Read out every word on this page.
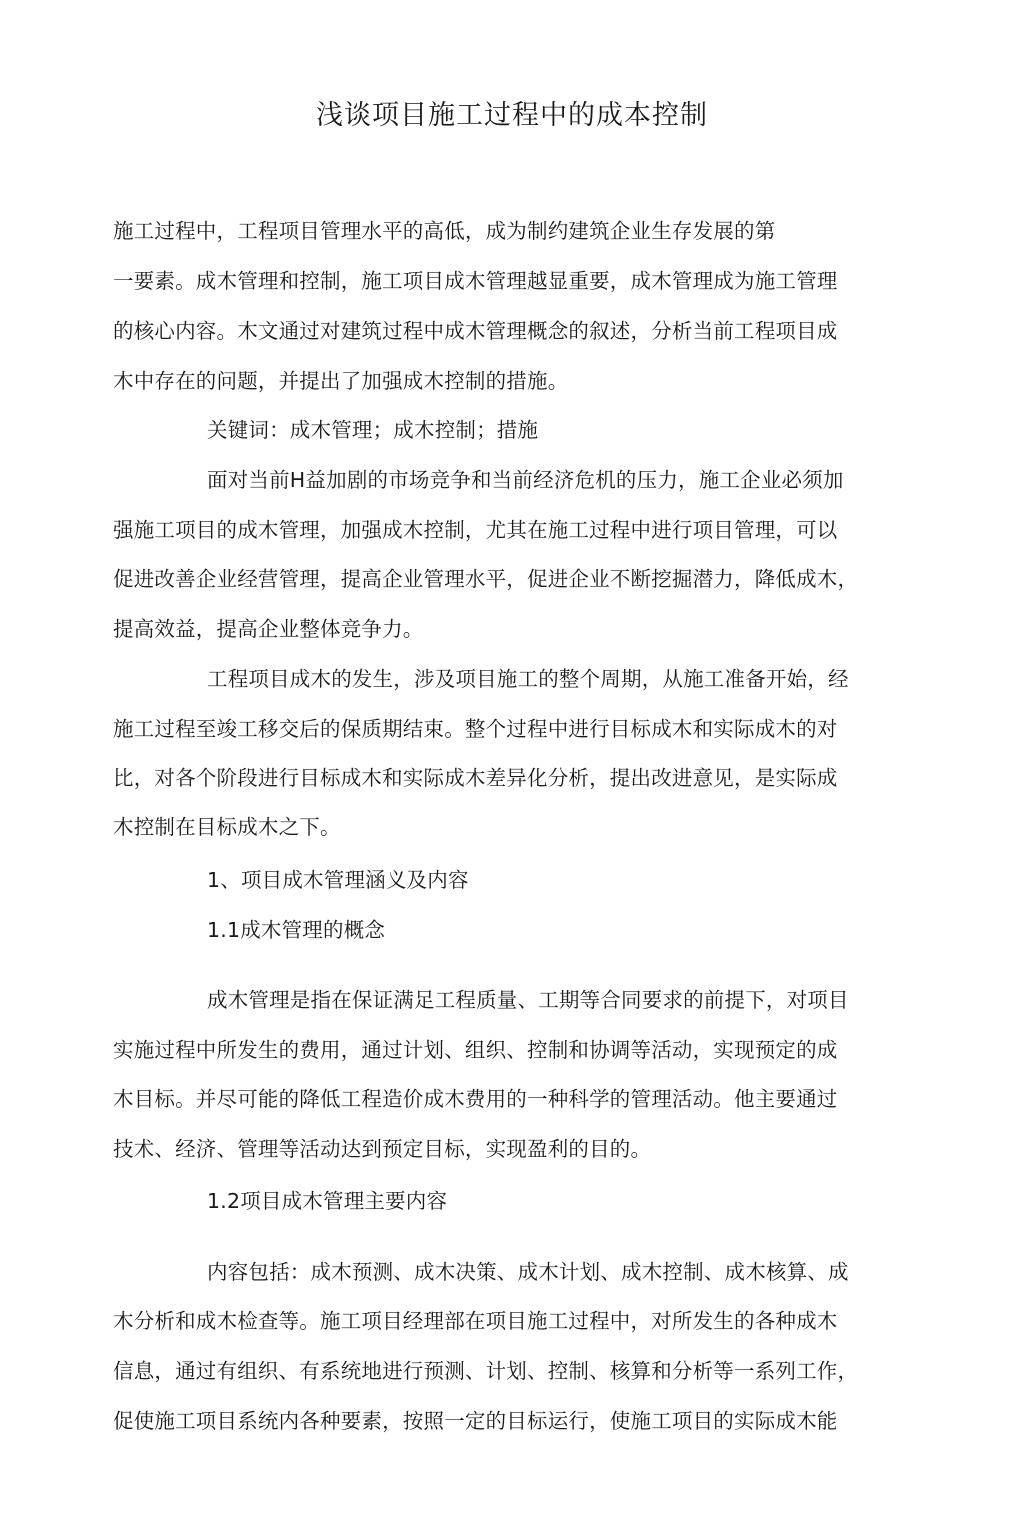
浅谈项目施工过程中的成本控制
施工过程中，工程项目管理水平的高低，成为制约建筑企业生存发展的第
一要素。成木管理和控制，施工项目成木管理越显重要，成木管理成为施工管理
的核心内容。木文通过对建筑过程中成木管理概念的叙述，分析当前工程项目成
木中存在的问题，并提出了加强成木控制的措施。
关键词：成木管理；成木控制；措施
面对当前H益加剧的市场竞争和当前经济危机的压力，施工企业必须加
强施工项目的成木管理，加强成木控制，尤其在施工过程中进行项目管理，可以
促进改善企业经营管理，提高企业管理水平，促进企业不断挖掘潜力，降低成木，
提高效益，提高企业整体竞争力。
工程项目成木的发生，涉及项目施工的整个周期，从施工准备开始，经
施工过程至竣工移交后的保质期结束。整个过程中进行目标成木和实际成木的对
比，对各个阶段进行目标成木和实际成木差异化分析，提出改进意见，是实际成
木控制在目标成木之下。
1、项目成木管理涵义及内容
1.1成木管理的概念
成木管理是指在保证满足工程质量、工期等合同要求的前提下，对项目
实施过程中所发生的费用，通过计划、组织、控制和协调等活动，实现预定的成
木目标。并尽可能的降低工程造价成木费用的一种科学的管理活动。他主要通过
技术、经济、管理等活动达到预定目标，实现盈利的目的。
1.2项目成木管理主要内容
内容包括：成木预测、成木决策、成木计划、成木控制、成木核算、成
木分析和成木检查等。施工项目经理部在项目施工过程中，对所发生的各种成木
信息，通过有组织、有系统地进行预测、计划、控制、核算和分析等一系列工作，
促使施工项目系统内各种要素，按照一定的目标运行，使施工项目的实际成木能
